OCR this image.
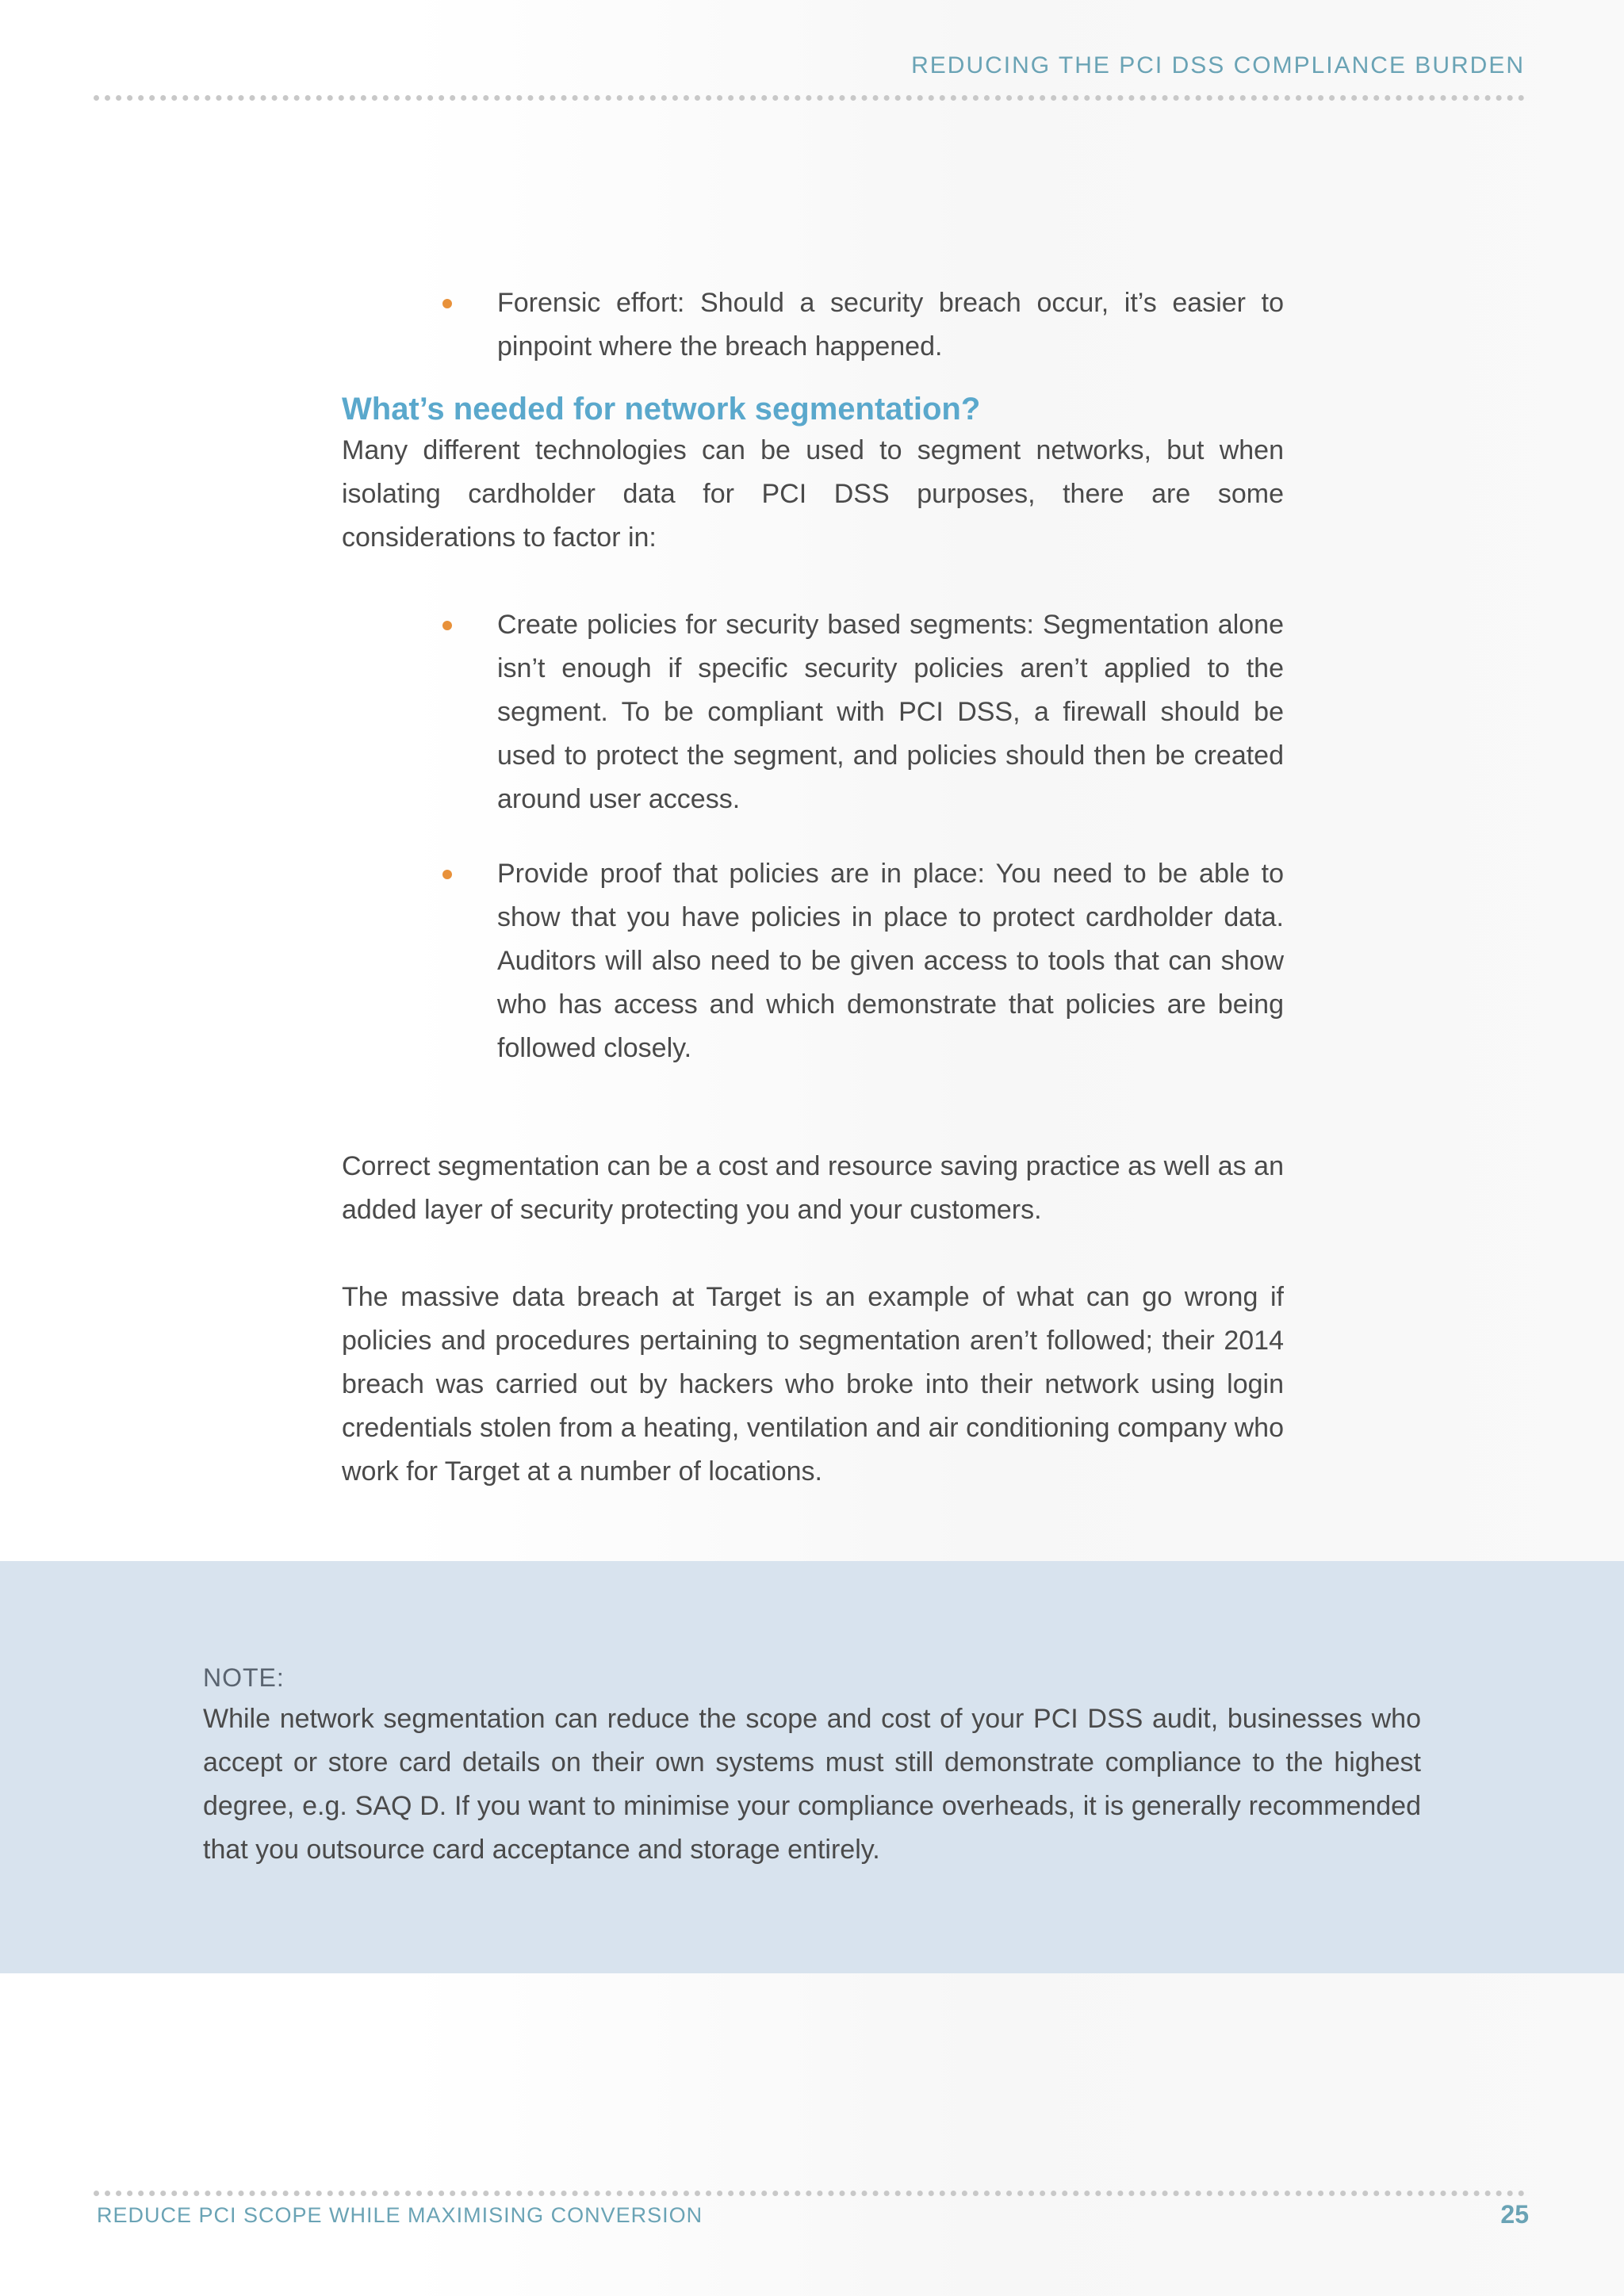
REDUCING THE PCI DSS COMPLIANCE BURDEN
Forensic effort: Should a security breach occur, it’s easier to pinpoint where the breach happened.
What’s needed for network segmentation?

Many different technologies can be used to segment networks, but when isolating cardholder data for PCI DSS purposes, there are some considerations to factor in:

Create policies for security based segments: Segmentation alone isn’t enough if specific security policies aren’t applied to the segment. To be compliant with PCI DSS, a firewall should be used to protect the segment, and policies should then be created around user access.
Provide proof that policies are in place: You need to be able to show that you have policies in place to protect cardholder data. Auditors will also need to be given access to tools that can show who has access and which demonstrate that policies are being followed closely.

Correct segmentation can be a cost and resource saving practice as well as an added layer of security protecting you and your customers.

The massive data breach at Target is an example of what can go wrong if policies and procedures pertaining to segmentation aren’t followed; their 2014 breach was carried out by hackers who broke into their network using login credentials stolen from a heating, ventilation and air conditioning company who work for Target at a number of locations.

NOTE:

While network segmentation can reduce the scope and cost of your PCI DSS audit, businesses who accept or store card details on their own systems must still demonstrate compliance to the highest degree, e.g. SAQ D. If you want to minimise your compliance overheads, it is generally recommended that you outsource card acceptance and storage entirely.

REDUCE PCI SCOPE WHILE MAXIMISING CONVERSION	25
